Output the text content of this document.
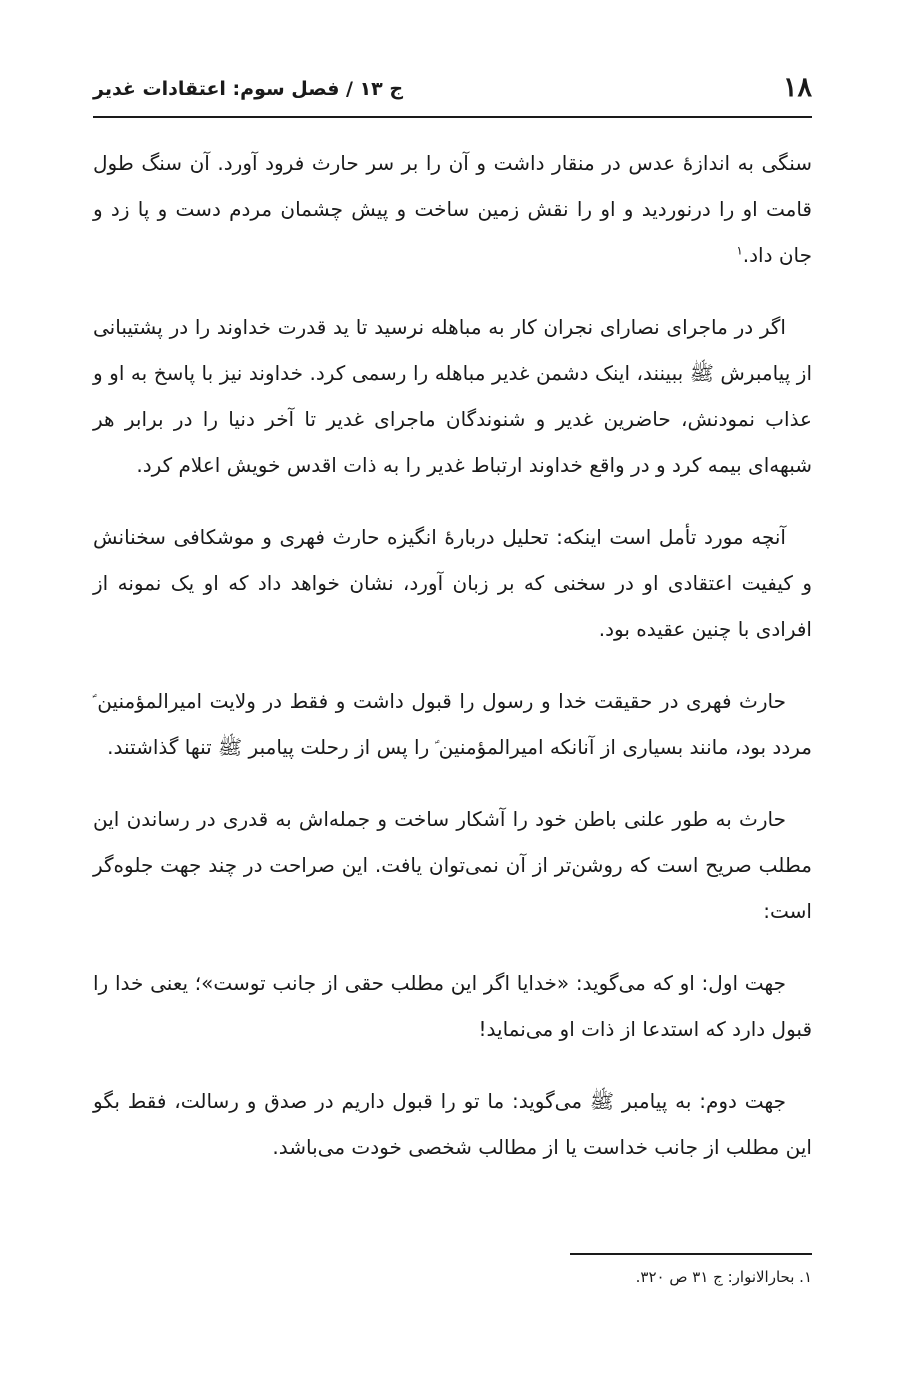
۱۸
ج ۱۳ / فصل سوم: اعتقادات غدیر

سنگی به اندازهٔ عدس در منقار داشت و آن را بر سر حارث فرود آورد. آن سنگ طول قامت او را درنوردید و او را نقش زمین ساخت و پیش چشمان مردم دست و پا زد و جان داد.$^۱$

اگر در ماجرای نصارای نجران کار به مباهله نرسید تا ید قدرت خداوند را در پشتیبانی از پیامبرش ﷺ ببینند، اینک دشمن غدیر مباهله را رسمی کرد. خداوند نیز با پاسخ به او و عذاب نمودنش، حاضرین غدیر و شنوندگان ماجرای غدیر تا آخر دنیا را در برابر هر شبهه‌ای بیمه کرد و در واقع خداوند ارتباط غدیر را به ذات اقدس خویش اعلام کرد.

آنچه مورد تأمل است اینکه: تحلیل دربارهٔ انگیزه حارث فهری و موشکافی سخنانش و کیفیت اعتقادی او در سخنی که بر زبان آورد، نشان خواهد داد که او یک نمونه از افرادی با چنین عقیده بود.

حارث فهری در حقیقت خدا و رسول را قبول داشت و فقط در ولایت امیرالمؤمنین ؑ مردد بود، مانند بسیاری از آنانکه امیرالمؤمنین ؑ را پس از رحلت پیامبر ﷺ تنها گذاشتند.

حارث به طور علنی باطن خود را آشکار ساخت و جمله‌اش به قدری در رساندن این مطلب صریح است که روشن‌تر از آن نمی‌توان یافت. این صراحت در چند جهت جلوه‌گر است:

جهت اول: او که می‌گوید: «خدایا اگر این مطلب حقی از جانب توست»؛ یعنی خدا را قبول دارد که استدعا از ذات او می‌نماید!

جهت دوم: به پیامبر ﷺ می‌گوید: ما تو را قبول داریم در صدق و رسالت، فقط بگو این مطلب از جانب خداست یا از مطالب شخصی خودت می‌باشد.

۱. بحارالانوار: ج ۳۱ ص ۳۲۰.
